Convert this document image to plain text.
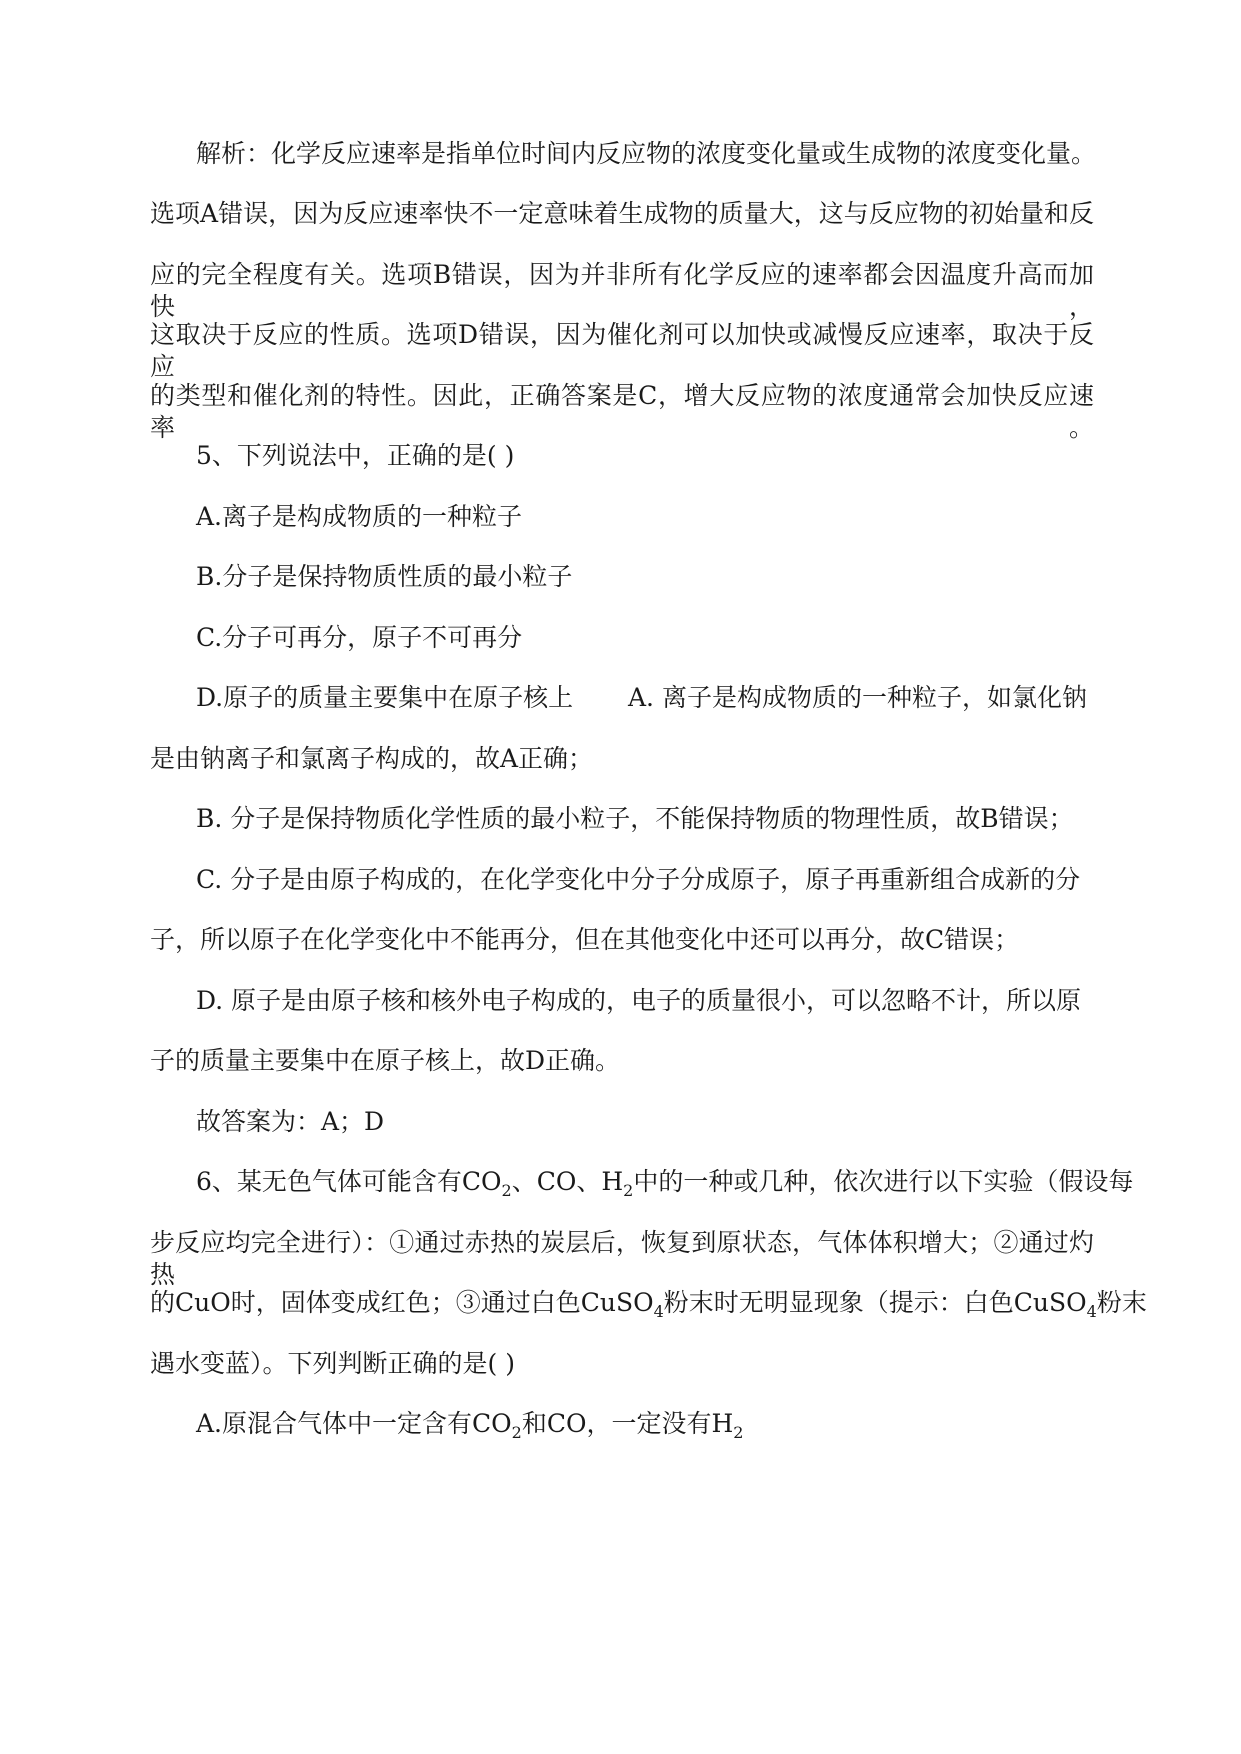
解析：化学反应速率是指单位时间内反应物的浓度变化量或生成物的浓度变化量。
选项A错误，因为反应速率快不一定意味着生成物的质量大，这与反应物的初始量和反
应的完全程度有关。选项B错误，因为并非所有化学反应的速率都会因温度升高而加快，
这取决于反应的性质。选项D错误，因为催化剂可以加快或减慢反应速率，取决于反应
的类型和催化剂的特性。因此，正确答案是C，增大反应物的浓度通常会加快反应速率。
5、下列说法中，正确的是( )
A.离子是构成物质的一种粒子
B.分子是保持物质性质的最小粒子
C.分子可再分，原子不可再分
D.原子的质量主要集中在原子核上 A. 离子是构成物质的一种粒子，如氯化钠
是由钠离子和氯离子构成的，故A正确；
B. 分子是保持物质化学性质的最小粒子，不能保持物质的物理性质，故B错误；
C. 分子是由原子构成的，在化学变化中分子分成原子，原子再重新组合成新的分
子，所以原子在化学变化中不能再分，但在其他变化中还可以再分，故C错误；
D. 原子是由原子核和核外电子构成的，电子的质量很小，可以忽略不计，所以原
子的质量主要集中在原子核上，故D正确。
故答案为：A；D
6、某无色气体可能含有$CO_2$、CO、$H_2$中的一种或几种，依次进行以下实验（假设每
步反应均完全进行）：①通过赤热的炭层后，恢复到原状态，气体体积增大；②通过灼热
的CuO时，固体变成红色；③通过白色CuSO$_4$粉末时无明显现象（提示：白色CuSO$_4$粉末
遇水变蓝）。下列判断正确的是( )
A.原混合气体中一定含有$CO_2$和CO，一定没有$H_2$
